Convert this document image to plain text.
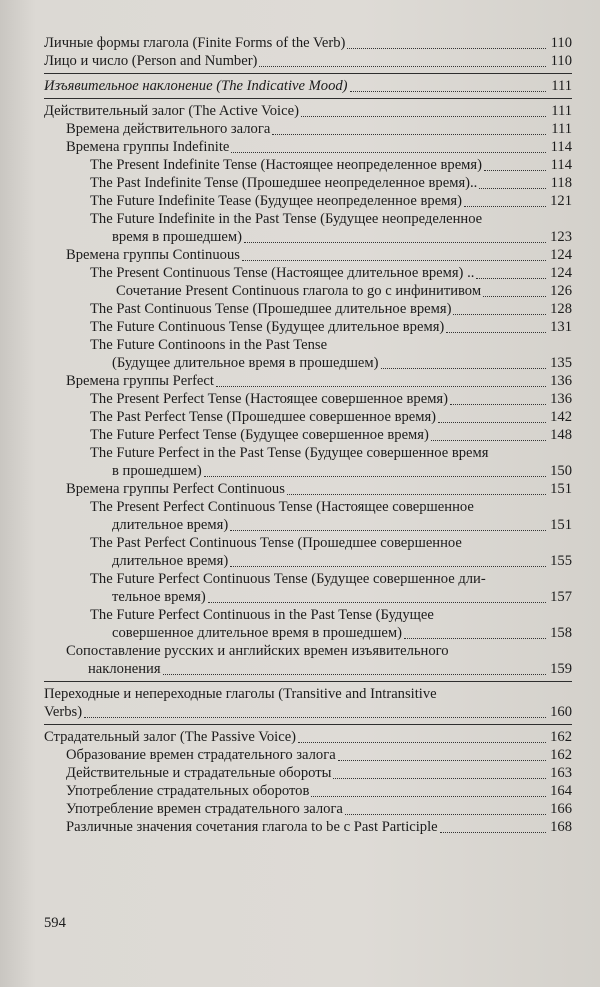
Личные формы глагола (Finite Forms of the Verb)	110
Лицо и число (Person and Number)	110
Изъявительное наклонение (The Indicative Mood)	111
Действительный залог (The Active Voice)	111
Времена действительного залога	111
Времена группы Indefinite	114
The Present Indefinite Tense (Настоящее неопределенное время)	114
The Past Indefinite Tense (Прошедшее неопределенное время)..	118
The Future Indefinite Tease (Будущее неопределенное время)	121
The Future Indefinite in the Past Tense (Будущее неопределенное
время в прошедшем)	123
Времена группы Continuous	124
The Present Continuous Tense (Настоящее длительное время) ..	124
Сочетание Present Continuous глагола to go с инфинитивом	126
The Past Continuous Tense (Прошедшее длительное время)	128
The Future Continuous Tense (Будущее длительное время)	131
The Future Continoons in the Past Tense
(Будущее длительное время в прошедшем)	135
Времена группы Perfect	136
The Present Perfect Tense (Настоящее совершенное время)	136
The Past Perfect Tense (Прошедшее совершенное время)	142
The Future Perfect Tense (Будущее совершенное время)	148
The Future Perfect in the Past Tense (Будущее совершенное время
в прошедшем)	150
Времена группы Perfect Continuous	151
The Present Perfect Continuous Tense (Настоящее совершенное
длительное время)	151
The Past Perfect Continuous Tense (Прошедшее совершенное
длительное время)	155
The Future Perfect Continuous Tense (Будущее совершенное дли-
тельное время)	157
The Future Perfect Continuous in the Past Tense (Будущее
совершенное длительное время в прошедшем)	158
Сопоставление русских и английских времен изъявительного
наклонения	159
Переходные и непереходные глаголы (Transitive and Intransitive
Verbs)	160
Страдательный залог (The Passive Voice)	162
Образование времен страдательного залога	162
Действительные и страдательные обороты	163
Употребление страдательных оборотов	164
Употребление времен страдательного залога	166
Различные значения сочетания глагола to be с Past Participle	168
594
